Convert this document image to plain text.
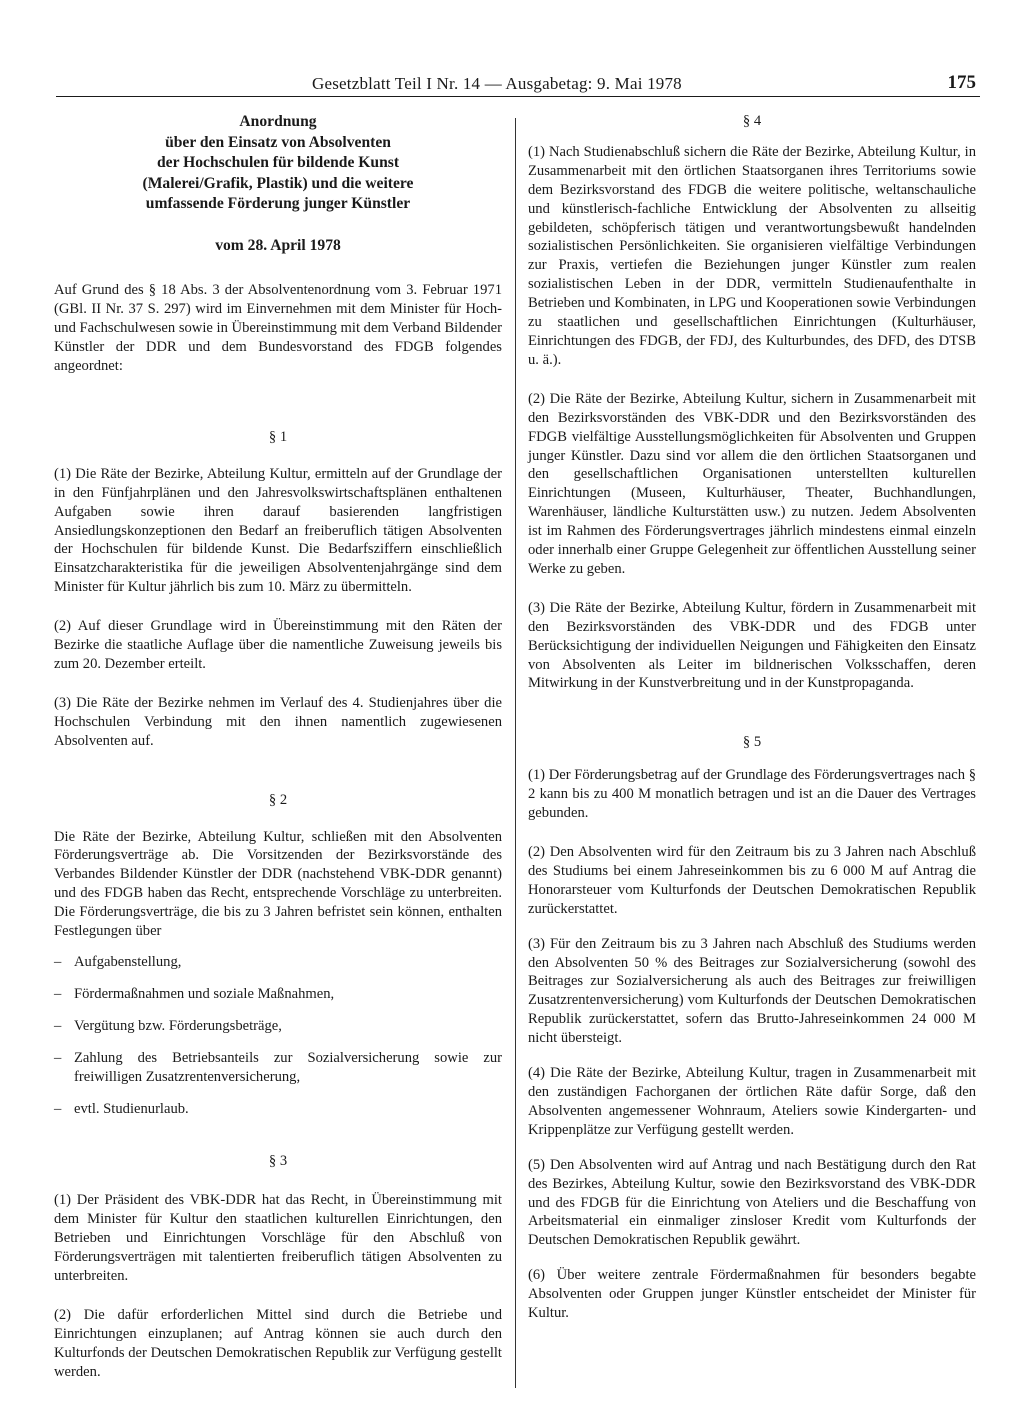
Gesetzblatt Teil I Nr. 14 — Ausgabetag: 9. Mai 1978	175
Anordnung
über den Einsatz von Absolventen
der Hochschulen für bildende Kunst
(Malerei/Grafik, Plastik) und die weitere
umfassende Förderung junger Künstler
vom 28. April 1978

Auf Grund des § 18 Abs. 3 der Absolventenordnung vom 3. Februar 1971 (GBl. II Nr. 37 S. 297) wird im Einvernehmen mit dem Minister für Hoch- und Fachschulwesen sowie in Übereinstimmung mit dem Verband Bildender Künstler der DDR und dem Bundesvorstand des FDGB folgendes angeordnet:

§ 1

(1) Die Räte der Bezirke, Abteilung Kultur, ermitteln auf der Grundlage der in den Fünfjahrplänen und den Jahresvolkswirtschaftsplänen enthaltenen Aufgaben sowie ihren darauf basierenden langfristigen Ansiedlungskonzeptionen den Bedarf an freiberuflich tätigen Absolventen der Hochschulen für bildende Kunst. Die Bedarfsziffern einschließlich Einsatzcharakteristika für die jeweiligen Absolventenjahrgänge sind dem Minister für Kultur jährlich bis zum 10. März zu übermitteln.

(2) Auf dieser Grundlage wird in Übereinstimmung mit den Räten der Bezirke die staatliche Auflage über die namentliche Zuweisung jeweils bis zum 20. Dezember erteilt.

(3) Die Räte der Bezirke nehmen im Verlauf des 4. Studienjahres über die Hochschulen Verbindung mit den ihnen namentlich zugewiesenen Absolventen auf.

§ 2

Die Räte der Bezirke, Abteilung Kultur, schließen mit den Absolventen Förderungsverträge ab. Die Vorsitzenden der Bezirksvorstände des Verbandes Bildender Künstler der DDR (nachstehend VBK-DDR genannt) und des FDGB haben das Recht, entsprechende Vorschläge zu unterbreiten. Die Förderungsverträge, die bis zu 3 Jahren befristet sein können, enthalten Festlegungen über

– Aufgabenstellung,
– Fördermaßnahmen und soziale Maßnahmen,
– Vergütung bzw. Förderungsbeträge,
– Zahlung des Betriebsanteils zur Sozialversicherung sowie zur freiwilligen Zusatzrentenversicherung,
– evtl. Studienurlaub.
§ 3

(1) Der Präsident des VBK-DDR hat das Recht, in Übereinstimmung mit dem Minister für Kultur den staatlichen kulturellen Einrichtungen, den Betrieben und Einrichtungen Vorschläge für den Abschluß von Förderungsverträgen mit talentierten freiberuflich tätigen Absolventen zu unterbreiten.

(2) Die dafür erforderlichen Mittel sind durch die Betriebe und Einrichtungen einzuplanen; auf Antrag können sie auch durch den Kulturfonds der Deutschen Demokratischen Republik zur Verfügung gestellt werden.

§ 4

(1) Nach Studienabschluß sichern die Räte der Bezirke, Abteilung Kultur, in Zusammenarbeit mit den örtlichen Staatsorganen ihres Territoriums sowie dem Bezirksvorstand des FDGB die weitere politische, weltanschauliche und künstlerisch-fachliche Entwicklung der Absolventen zu allseitig gebildeten, schöpferisch tätigen und verantwortungsbewußt handelnden sozialistischen Persönlichkeiten. Sie organisieren vielfältige Verbindungen zur Praxis, vertiefen die Beziehungen junger Künstler zum realen sozialistischen Leben in der DDR, vermitteln Studienaufenthalte in Betrieben und Kombinaten, in LPG und Kooperationen sowie Verbindungen zu staatlichen und gesellschaftlichen Einrichtungen (Kulturhäuser, Einrichtungen des FDGB, der FDJ, des Kulturbundes, des DFD, des DTSB u. ä.).

(2) Die Räte der Bezirke, Abteilung Kultur, sichern in Zusammenarbeit mit den Bezirksvorständen des VBK-DDR und den Bezirksvorständen des FDGB vielfältige Ausstellungsmöglichkeiten für Absolventen und Gruppen junger Künstler. Dazu sind vor allem die den örtlichen Staatsorganen und den gesellschaftlichen Organisationen unterstellten kulturellen Einrichtungen (Museen, Kulturhäuser, Theater, Buchhandlungen, Warenhäuser, ländliche Kulturstätten usw.) zu nutzen. Jedem Absolventen ist im Rahmen des Förderungsvertrages jährlich mindestens einmal einzeln oder innerhalb einer Gruppe Gelegenheit zur öffentlichen Ausstellung seiner Werke zu geben.

(3) Die Räte der Bezirke, Abteilung Kultur, fördern in Zusammenarbeit mit den Bezirksvorständen des VBK-DDR und des FDGB unter Berücksichtigung der individuellen Neigungen und Fähigkeiten den Einsatz von Absolventen als Leiter im bildnerischen Volksschaffen, deren Mitwirkung in der Kunstverbreitung und in der Kunstpropaganda.

§ 5

(1) Der Förderungsbetrag auf der Grundlage des Förderungsvertrages nach § 2 kann bis zu 400 M monatlich betragen und ist an die Dauer des Vertrages gebunden.

(2) Den Absolventen wird für den Zeitraum bis zu 3 Jahren nach Abschluß des Studiums bei einem Jahreseinkommen bis zu 6 000 M auf Antrag die Honorarsteuer vom Kulturfonds der Deutschen Demokratischen Republik zurückerstattet.

(3) Für den Zeitraum bis zu 3 Jahren nach Abschluß des Studiums werden den Absolventen 50 % des Beitrages zur Sozialversicherung (sowohl des Beitrages zur Sozialversicherung als auch des Beitrages zur freiwilligen Zusatzrentenversicherung) vom Kulturfonds der Deutschen Demokratischen Republik zurückerstattet, sofern das Brutto-Jahreseinkommen 24 000 M nicht übersteigt.

(4) Die Räte der Bezirke, Abteilung Kultur, tragen in Zusammenarbeit mit den zuständigen Fachorganen der örtlichen Räte dafür Sorge, daß den Absolventen angemessener Wohnraum, Ateliers sowie Kindergarten- und Krippenplätze zur Verfügung gestellt werden.

(5) Den Absolventen wird auf Antrag und nach Bestätigung durch den Rat des Bezirkes, Abteilung Kultur, sowie den Bezirksvorstand des VBK-DDR und des FDGB für die Einrichtung von Ateliers und die Beschaffung von Arbeitsmaterial ein einmaliger zinsloser Kredit vom Kulturfonds der Deutschen Demokratischen Republik gewährt.

(6) Über weitere zentrale Fördermaßnahmen für besonders begabte Absolventen oder Gruppen junger Künstler entscheidet der Minister für Kultur.
